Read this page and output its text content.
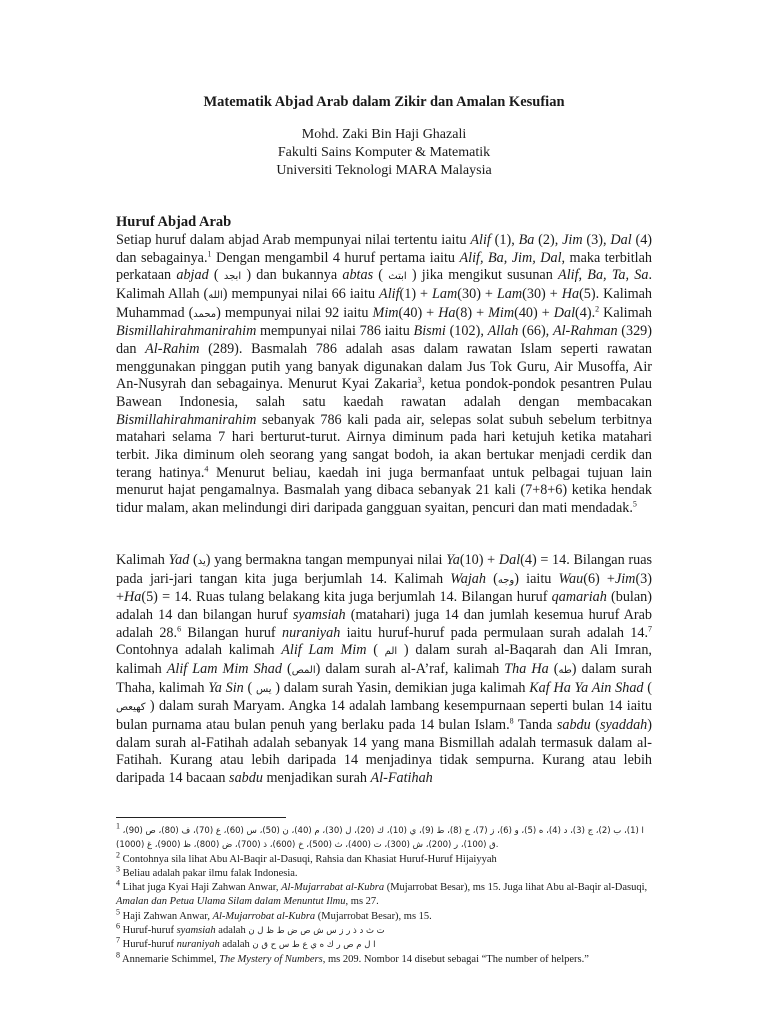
Matematik Abjad Arab dalam Zikir dan Amalan Kesufian
Mohd. Zaki Bin Haji Ghazali
Fakulti Sains Komputer & Matematik
Universiti Teknologi MARA Malaysia
Huruf Abjad Arab

Setiap huruf dalam abjad Arab mempunyai nilai tertentu iaitu Alif (1), Ba (2), Jim (3), Dal (4) dan sebagainya.$^1$ Dengan mengambil 4 huruf pertama iaitu Alif, Ba, Jim, Dal, maka terbitlah perkataan abjad ( ابجد ) dan bukannya abtas ( ابتث ) jika mengikut susunan Alif, Ba, Ta, Sa. Kalimah Allah (الله) mempunyai nilai 66 iaitu Alif(1) + Lam(30) + Lam(30) + Ha(5). Kalimah Muhammad (محمد) mempunyai nilai 92 iaitu Mim(40) + Ha(8) + Mim(40) + Dal(4).$^2$ Kalimah Bismillahirahmanirahim mempunyai nilai 786 iaitu Bismi (102), Allah (66), Al-Rahman (329) dan Al-Rahim (289). Basmalah 786 adalah asas dalam rawatan Islam seperti rawatan menggunakan pinggan putih yang banyak digunakan dalam Jus Tok Guru, Air Musoffa, Air An-Nusyrah dan sebagainya. Menurut Kyai Zakaria$^3$, ketua pondok-pondok pesantren Pulau Bawean Indonesia, salah satu kaedah rawatan adalah dengan membacakan Bismillahirahmanirahim sebanyak 786 kali pada air, selepas solat subuh sebelum terbitnya matahari selama 7 hari berturut-turut. Airnya diminum pada hari ketujuh ketika matahari terbit. Jika diminum oleh seorang yang sangat bodoh, ia akan bertukar menjadi cerdik dan terang hatinya.$^4$ Menurut beliau, kaedah ini juga bermanfaat untuk pelbagai tujuan lain menurut hajat pengamalnya. Basmalah yang dibaca sebanyak 21 kali (7+8+6) ketika hendak tidur malam, akan melindungi diri daripada gangguan syaitan, pencuri dan mati mendadak.$^5$

Kalimah Yad (يد) yang bermakna tangan mempunyai nilai Ya(10) + Dal(4) = 14. Bilangan ruas pada jari-jari tangan kita juga berjumlah 14. Kalimah Wajah (وجه) iaitu Wau(6) +Jim(3) +Ha(5) = 14. Ruas tulang belakang kita juga berjumlah 14. Bilangan huruf qamariah (bulan) adalah 14 dan bilangan huruf syamsiah (matahari) juga 14 dan jumlah kesemua huruf Arab adalah 28.$^6$ Bilangan huruf nuraniyah iaitu huruf-huruf pada permulaan surah adalah 14.$^7$ Contohnya adalah kalimah Alif Lam Mim ( الم ) dalam surah al-Baqarah dan Ali Imran, kalimah Alif Lam Mim Shad (المص) dalam surah al-A’raf, kalimah Tha Ha (طه) dalam surah Thaha, kalimah Ya Sin ( يس ) dalam surah Yasin, demikian juga kalimah Kaf Ha Ya Ain Shad ( كهيعص ) dalam surah Maryam. Angka 14 adalah lambang kesempurnaan seperti bulan 14 iaitu bulan purnama atau bulan penuh yang berlaku pada 14 bulan Islam.$^8$ Tanda sabdu (syaddah) dalam surah al-Fatihah adalah sebanyak 14 yang mana Bismillah adalah termasuk dalam al-Fatihah. Kurang atau lebih daripada 14 menjadinya tidak sempurna. Kurang atau lebih daripada 14 bacaan sabdu menjadikan surah Al-Fatihah

$^1$ ا (1)، ب (2)، ج (3)، د (4)، ه (5)، و (6)، ز (7)، ح (8)، ط (9)، ي (10)، ك (20)، ل (30)، م (40)، ن (50)، س (60)، ع (70)، ف (80)، ص (90)، ق (100)، ر (200)، ش (300)، ت (400)، ث (500)، خ (600)، ذ (700)، ض (800)، ظ (900)، غ (1000).
$^2$ Contohnya sila lihat Abu Al-Baqir al-Dasuqi, Rahsia dan Khasiat Huruf-Huruf Hijaiyyah
$^3$ Beliau adalah pakar ilmu falak Indonesia.
$^4$ Lihat juga Kyai Haji Zahwan Anwar, Al-Mujarrabat al-Kubra (Mujarrobat Besar), ms 15. Juga lihat Abu al-Baqir al-Dasuqi, Amalan dan Petua Ulama Silam dalam Menuntut Ilmu, ms 27.
$^5$ Haji Zahwan Anwar, Al-Mujarrobat al-Kubra (Mujarrobat Besar), ms 15.
$^6$ Huruf-huruf syamsiah adalah ت ث د ذ ر ز س ش ص ض ط ظ ل ن
$^7$ Huruf-huruf nuraniyah adalah ا ل م ص ر ك ه ي ع ط س ح ق ن
$^8$ Annemarie Schimmel, The Mystery of Numbers, ms 209. Nombor 14 disebut sebagai “The number of helpers.”
